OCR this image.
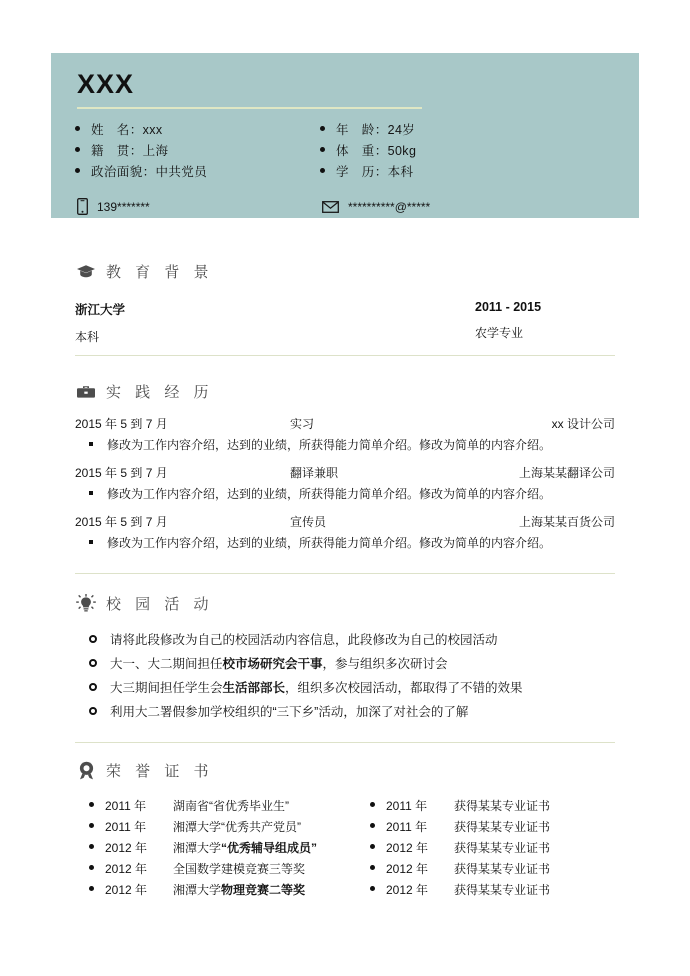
XXX
姓　名：xxx
籍　贯：上海
政治面貌：中共党员
年　龄：24岁
体　重：50kg
学　历：本科
139*******	**********@*****
教 育 背 景
浙江大学
本科
2011 - 2015
农学专业
实 践 经 历
2015 年 5 到 7 月	实习	xx 设计公司
修改为工作内容介绍，达到的业绩，所获得能力简单介绍。修改为简单的内容介绍。
2015 年 5 到 7 月	翻译兼职	上海某某翻译公司
修改为工作内容介绍，达到的业绩，所获得能力简单介绍。修改为简单的内容介绍。
2015 年 5 到 7 月	宣传员	上海某某百货公司
修改为工作内容介绍，达到的业绩，所获得能力简单介绍。修改为简单的内容介绍。
校 园 活 动
请将此段修改为自己的校园活动内容信息，此段修改为自己的校园活动
大一、大二期间担任校市场研究会干事，参与组织多次研讨会
大三期间担任学生会生活部部长，组织多次校园活动，都取得了不错的效果
利用大二署假参加学校组织的“三下乡”活动，加深了对社会的了解
荣 誉 证 书
2011 年	湖南省“省优秀毕业生”
2011 年	湘潭大学“优秀共产党员”
2012 年	湘潭大学“优秀辅导组成员”
2012 年	全国数学建模竞赛三等奖
2012 年	湘潭大学物理竞赛二等奖
2011 年	获得某某专业证书
2011 年	获得某某专业证书
2012 年	获得某某专业证书
2012 年	获得某某专业证书
2012 年	获得某某专业证书
